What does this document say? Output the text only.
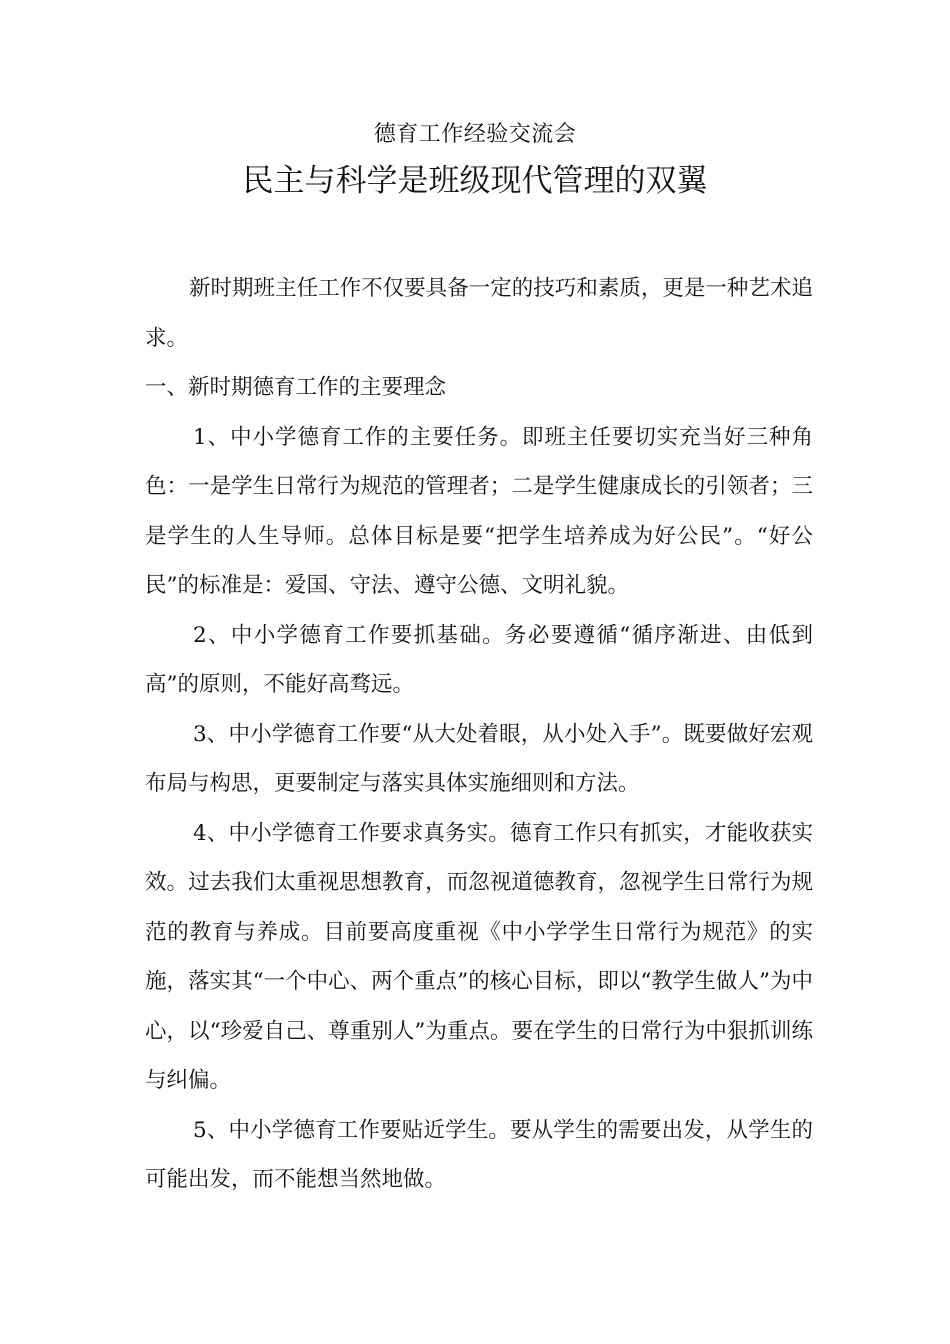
德育工作经验交流会
民主与科学是班级现代管理的双翼

新时期班主任工作不仅要具备一定的技巧和素质，更是一种艺术追求。

一、新时期德育工作的主要理念

1、中小学德育工作的主要任务。即班主任要切实充当好三种角色：一是学生日常行为规范的管理者；二是学生健康成长的引领者；三是学生的人生导师。总体目标是要“把学生培养成为好公民”。“好公民”的标准是：爱国、守法、遵守公德、文明礼貌。

2、中小学德育工作要抓基础。务必要遵循“循序渐进、由低到高”的原则，不能好高骛远。

3、中小学德育工作要“从大处着眼，从小处入手”。既要做好宏观布局与构思，更要制定与落实具体实施细则和方法。

4、中小学德育工作要求真务实。德育工作只有抓实，才能收获实效。过去我们太重视思想教育，而忽视道德教育，忽视学生日常行为规范的教育与养成。目前要高度重视《中小学学生日常行为规范》的实施，落实其“一个中心、两个重点”的核心目标，即以“教学生做人”为中心，以“珍爱自己、尊重别人”为重点。要在学生的日常行为中狠抓训练与纠偏。

5、中小学德育工作要贴近学生。要从学生的需要出发，从学生的可能出发，而不能想当然地做。
